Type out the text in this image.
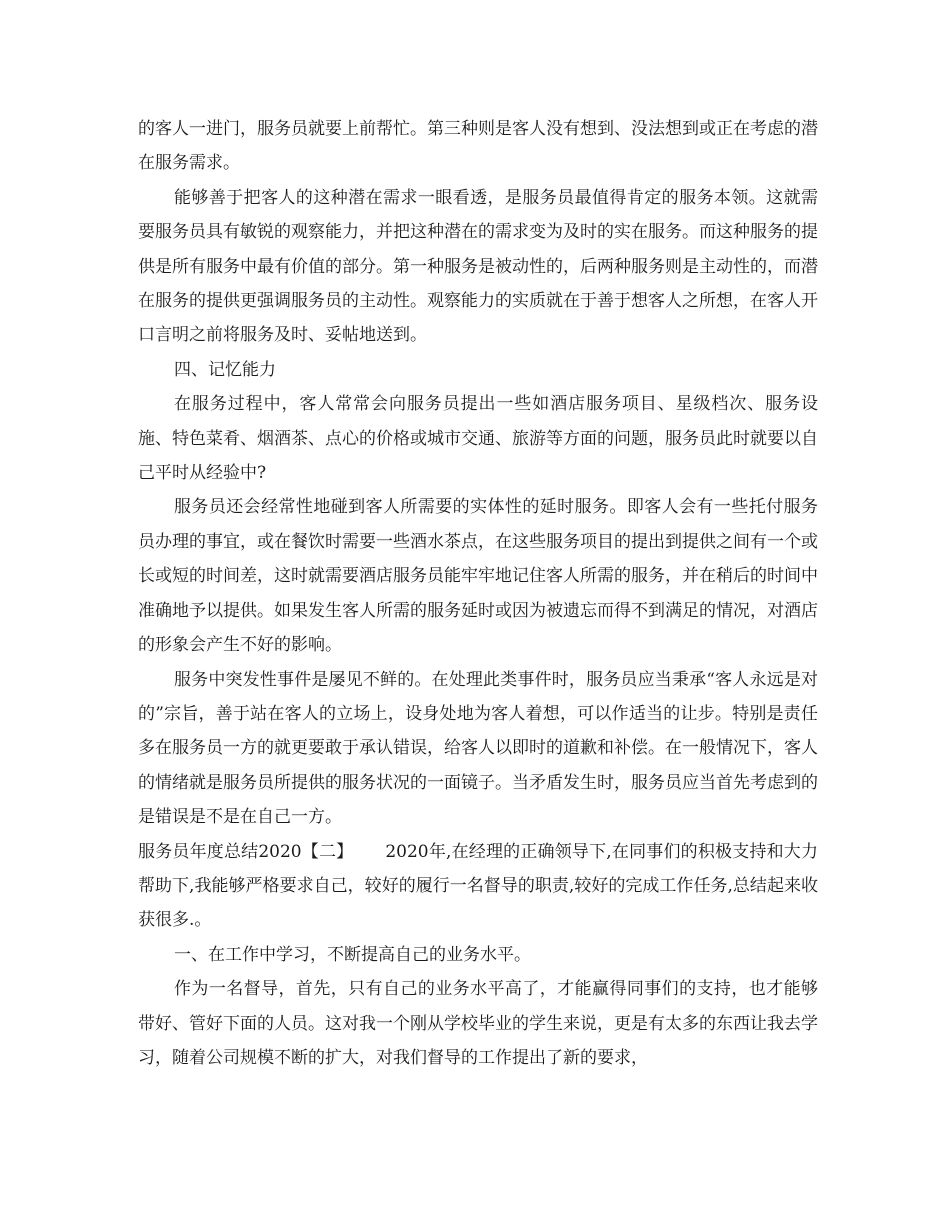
的客人一进门，服务员就要上前帮忙。第三种则是客人没有想到、没法想到或正在考虑的潜在服务需求。

能够善于把客人的这种潜在需求一眼看透，是服务员最值得肯定的服务本领。这就需要服务员具有敏锐的观察能力，并把这种潜在的需求变为及时的实在服务。而这种服务的提供是所有服务中最有价值的部分。第一种服务是被动性的，后两种服务则是主动性的，而潜在服务的提供更强调服务员的主动性。观察能力的实质就在于善于想客人之所想，在客人开口言明之前将服务及时、妥帖地送到。

四、记忆能力

在服务过程中，客人常常会向服务员提出一些如酒店服务项目、星级档次、服务设施、特色菜肴、烟酒茶、点心的价格或城市交通、旅游等方面的问题，服务员此时就要以自己平时从经验中?

服务员还会经常性地碰到客人所需要的实体性的延时服务。即客人会有一些托付服务员办理的事宜，或在餐饮时需要一些酒水茶点，在这些服务项目的提出到提供之间有一个或长或短的时间差，这时就需要酒店服务员能牢牢地记住客人所需的服务，并在稍后的时间中准确地予以提供。如果发生客人所需的服务延时或因为被遗忘而得不到满足的情况，对酒店的形象会产生不好的影响。

服务中突发性事件是屡见不鲜的。在处理此类事件时，服务员应当秉承“客人永远是对的”宗旨，善于站在客人的立场上，设身处地为客人着想，可以作适当的让步。特别是责任多在服务员一方的就更要敢于承认错误，给客人以即时的道歉和补偿。在一般情况下，客人的情绪就是服务员所提供的服务状况的一面镜子。当矛盾发生时，服务员应当首先考虑到的是错误是不是在自己一方。

服务员年度总结2020【二】 2020年,在经理的正确领导下,在同事们的积极支持和大力帮助下,我能够严格要求自己，较好的履行一名督导的职责,较好的完成工作任务,总结起来收获很多.。

一、在工作中学习，不断提高自己的业务水平。

作为一名督导，首先，只有自己的业务水平高了，才能赢得同事们的支持，也才能够带好、管好下面的人员。这对我一个刚从学校毕业的学生来说，更是有太多的东西让我去学习，随着公司规模不断的扩大，对我们督导的工作提出了新的要求，
